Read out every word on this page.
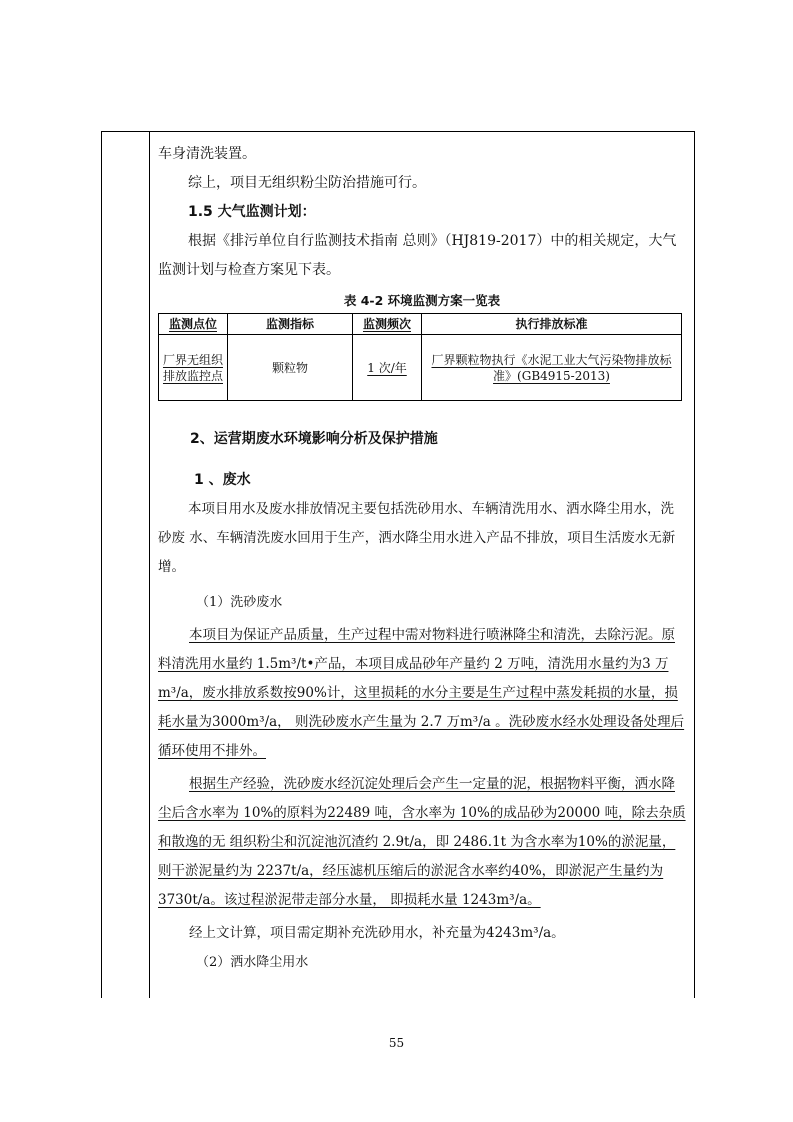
车身清洗装置。

综上，项目无组织粉尘防治措施可行。

1.5 大气监测计划：

根据《排污单位自行监测技术指南 总则》（HJ819-2017）中的相关规定，大气监测计划与检查方案见下表。

表 4-2 环境监测方案一览表
监测点位	监测指标	监测频次	执行排放标准
厂界无组织排放监控点	颗粒物	1 次/年	厂界颗粒物执行《水泥工业大气污染物排放标准》(GB4915-2013)

2、运营期废水环境影响分析及保护措施

1 、废水

本项目用水及废水排放情况主要包括洗砂用水、车辆清洗用水、洒水降尘用水，洗砂废 水、车辆清洗废水回用于生产，洒水降尘用水进入产品不排放，项目生活废水无新增。

（1）洗砂废水

本项目为保证产品质量，生产过程中需对物料进行喷淋降尘和清洗，去除污泥。原料清洗用水量约 1.5m³/t•产品，本项目成品砂年产量约 2 万吨，清洗用水量约为3 万m³/a，废水排放系数按90%计，这里损耗的水分主要是生产过程中蒸发耗损的水量，损耗水量为3000m³/a， 则洗砂废水产生量为 2.7 万m³/a 。洗砂废水经水处理设备处理后循环使用不排外。

根据生产经验，洗砂废水经沉淀处理后会产生一定量的泥，根据物料平衡，洒水降尘后含水率为 10%的原料为22489 吨，含水率为 10%的成品砂为20000 吨，除去杂质和散逸的无 组织粉尘和沉淀池沉渣约 2.9t/a，即 2486.1t 为含水率为10%的淤泥量，则干淤泥量约为 2237t/a，经压滤机压缩后的淤泥含水率约40%，即淤泥产生量约为3730t/a。该过程淤泥带走部分水量， 即损耗水量 1243m³/a。

经上文计算，项目需定期补充洗砂用水，补充量为4243m³/a。

（2）洒水降尘用水

55
